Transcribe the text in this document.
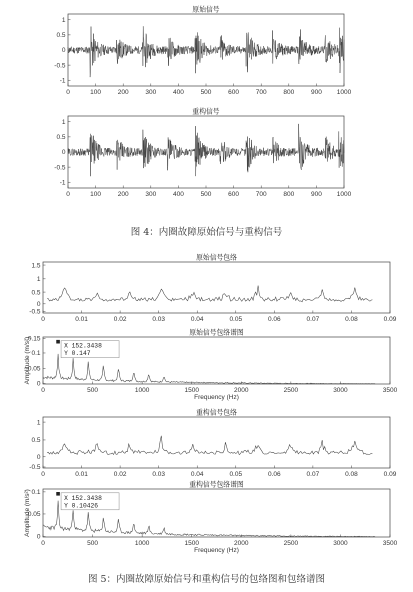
原始信号
1
0.5
0
-0.5
-1
0	100	200	300	400	500	600	700	800	900 1000
重构信号
1
0.5
0
-0.5
-1
0	100	200	300	400	500	600	700	800	900 1000
原始信号包络
1.5
1
0.5
0
-0.5
0	0.01	0.02	0.03	0.04	0.05	0.06	0.07	0.08	0.09
原始信号包络谱图
0.15
0.1
0.05
0
0	500	1000	1500	2000	2500	3000	3500
Amplitude (m/s²)
Frequency (Hz)
X 152.3438
Y 0.147
重构信号包络
1
0.5
0
-0.5
0	0.01	0.02	0.03	0.04	0.05	0.06	0.07	0.08	0.09
重构信号包络谱图
0.1
0.05
0
0	500	1000	1500	2000	2500	3000	3500
Amplitude (m/s²)
Frequency (Hz)
X 152.3438
Y 0.10426
图 4：内圈故障原始信号与重构信号
图 5：内圈故障原始信号和重构信号的包络图和包络谱图
